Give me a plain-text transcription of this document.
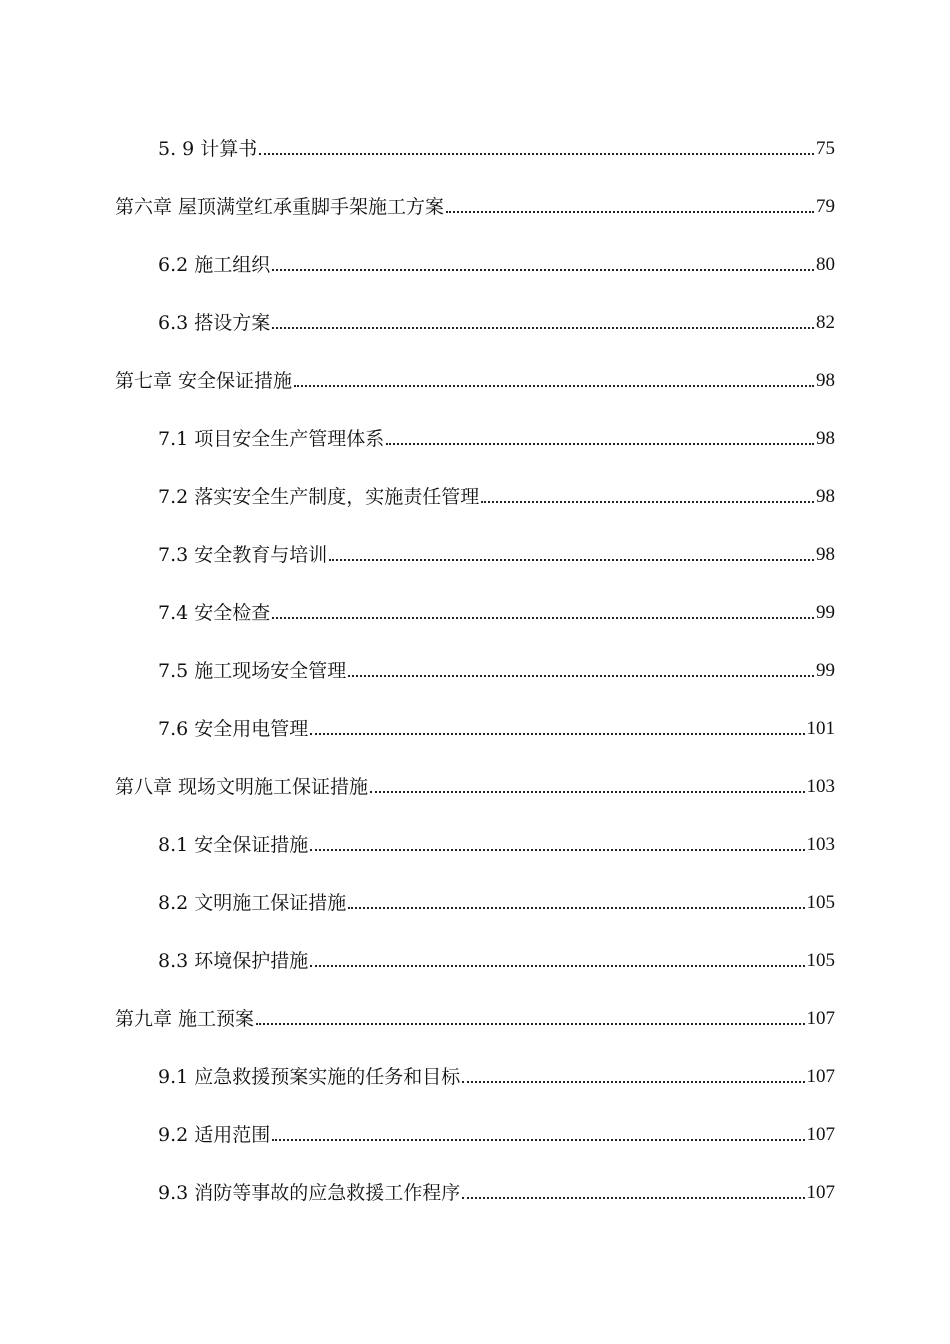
5. 9 计算书	75
第六章 屋顶满堂红承重脚手架施工方案	79
6.2 施工组织	80
6.3 搭设方案	82
第七章 安全保证措施	98
7.1 项目安全生产管理体系	98
7.2 落实安全生产制度，实施责任管理	98
7.3 安全教育与培训	98
7.4 安全检查	99
7.5 施工现场安全管理	99
7.6 安全用电管理	101
第八章 现场文明施工保证措施	103
8.1 安全保证措施	103
8.2 文明施工保证措施	105
8.3 环境保护措施	105
第九章 施工预案	107
9.1 应急救援预案实施的任务和目标	107
9.2 适用范围	107
9.3 消防等事故的应急救援工作程序	107
